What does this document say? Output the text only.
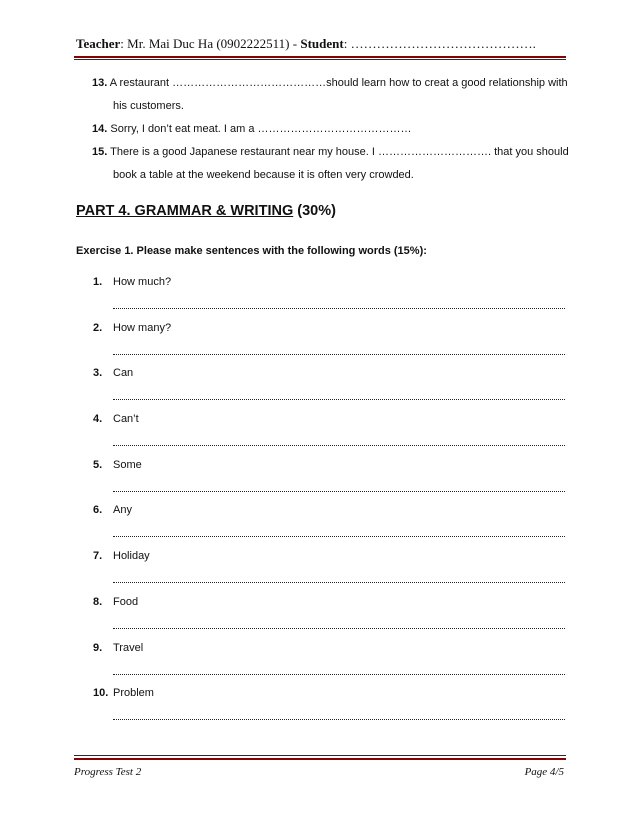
Teacher: Mr. Mai Duc Ha (0902222511) - Student: …………………………………….
13. A restaurant ……………………………………should learn how to creat a good relationship with
his customers.
14. Sorry, I don’t eat meat. I am a ……………………………………
15. There is a good Japanese restaurant near my house. I …………………………. that you should
book a table at the weekend because it is often very crowded.
PART 4. GRAMMAR & WRITING (30%)
Exercise 1. Please make sentences with the following words (15%):
1. How much?
2. How many?
3. Can
4. Can’t
5. Some
6. Any
7. Holiday
8. Food
9. Travel
10. Problem
Progress Test 2	Page 4/5
